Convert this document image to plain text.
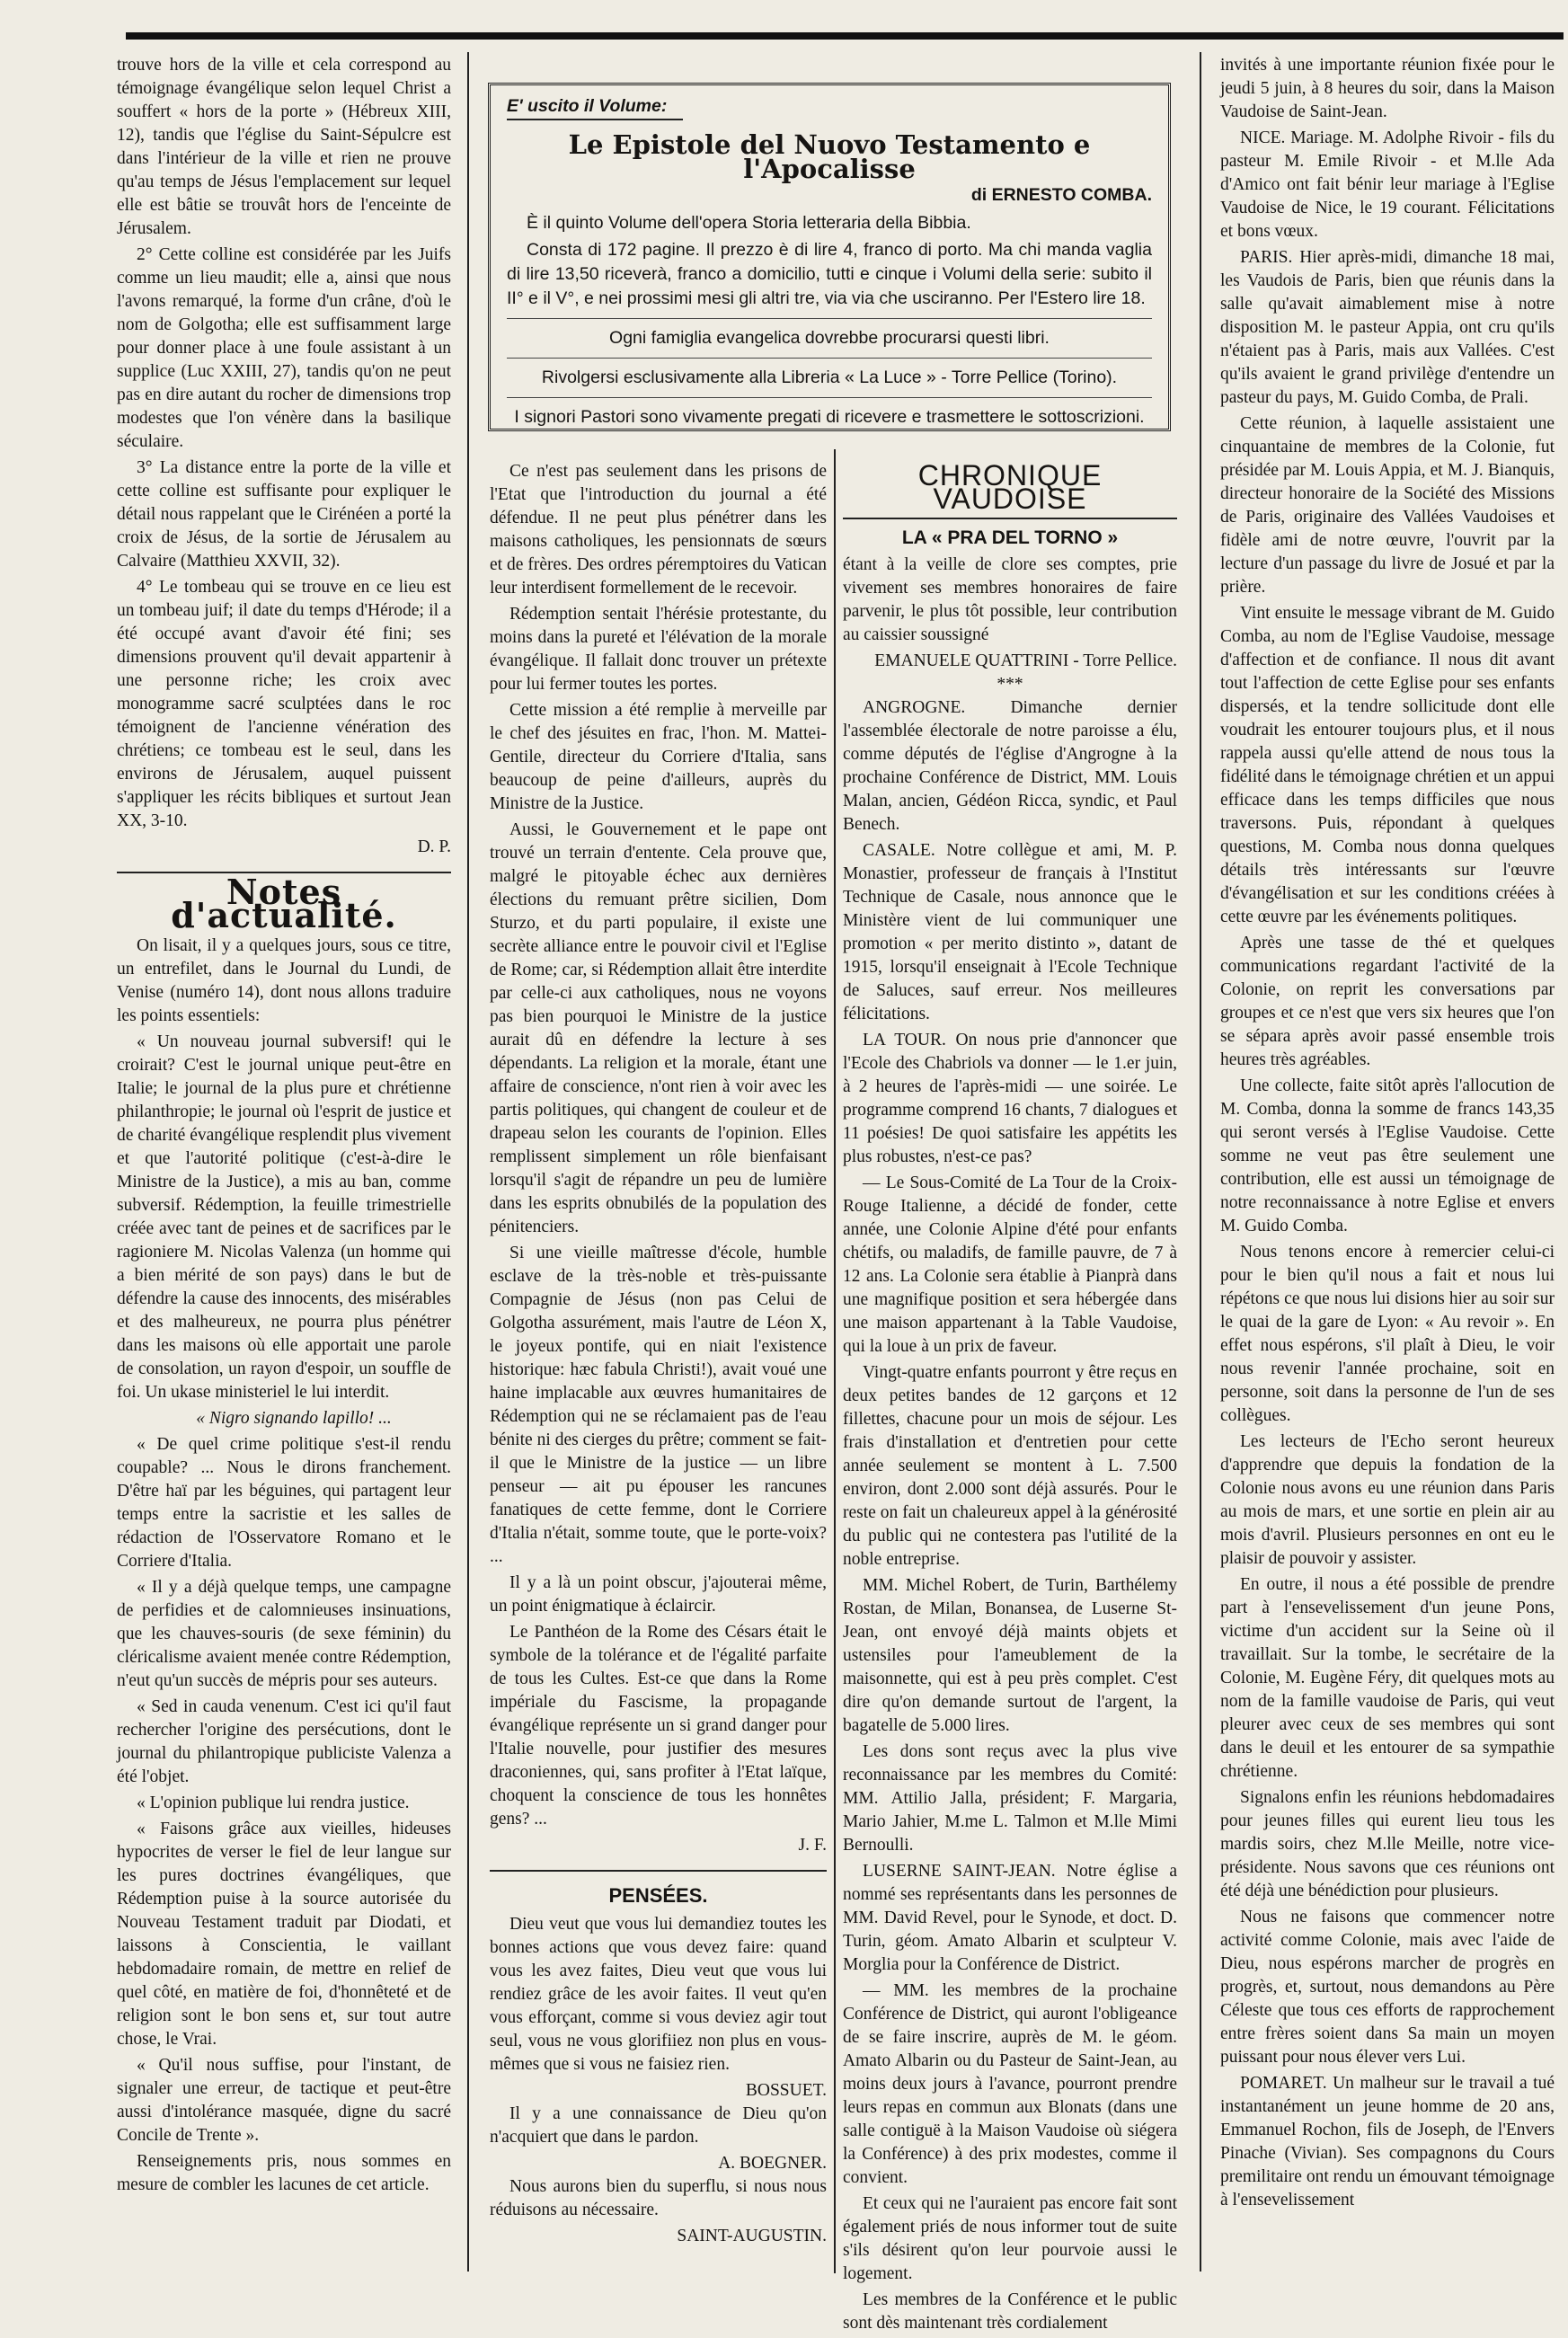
trouve hors de la ville et cela correspond au témoignage évangélique selon lequel Christ a souffert « hors de la porte » (Hébreux XIII, 12), tandis que l'église du Saint-Sépulcre est dans l'intérieur de la ville et rien ne prouve qu'au temps de Jésus l'emplacement sur lequel elle est bâtie se trouvât hors de l'enceinte de Jérusalem.

2° Cette colline est considérée par les Juifs comme un lieu maudit; elle a, ainsi que nous l'avons remarqué, la forme d'un crâne, d'où le nom de Golgotha; elle est suffisamment large pour donner place à une foule assistant à un supplice (Luc XXIII, 27), tandis qu'on ne peut pas en dire autant du rocher de dimensions trop modestes que l'on vénère dans la basilique séculaire.

3° La distance entre la porte de la ville et cette colline est suffisante pour expliquer le détail nous rappelant que le Cirénéen a porté la croix de Jésus, de la sortie de Jérusalem au Calvaire (Matthieu XXVII, 32).

4° Le tombeau qui se trouve en ce lieu est un tombeau juif; il date du temps d'Hérode; il a été occupé avant d'avoir été fini; ses dimensions prouvent qu'il devait appartenir à une personne riche; les croix avec monogramme sacré sculptées dans le roc témoignent de l'ancienne vénération des chrétiens; ce tombeau est le seul, dans les environs de Jérusalem, auquel puissent s'appliquer les récits bibliques et surtout Jean XX, 3-10.

D. P.
Notes d'actualité.

On lisait, il y a quelques jours, sous ce titre, un entrefilet, dans le Journal du Lundi, de Venise (numéro 14), dont nous allons traduire les points essentiels:

« Un nouveau journal subversif! qui le croirait? C'est le journal unique peut-être en Italie; le journal de la plus pure et chrétienne philanthropie; le journal où l'esprit de justice et de charité évangélique resplendit plus vivement et que l'autorité politique (c'est-à-dire le Ministre de la Justice), a mis au ban, comme subversif. Rédemption, la feuille trimestrielle créée avec tant de peines et de sacrifices par le ragioniere M. Nicolas Valenza (un homme qui a bien mérité de son pays) dans le but de défendre la cause des innocents, des misérables et des malheureux, ne pourra plus pénétrer dans les maisons où elle apportait une parole de consolation, un rayon d'espoir, un souffle de foi. Un ukase ministeriel le lui interdit.

« Nigro signando lapillo! ...

« De quel crime politique s'est-il rendu coupable? ... Nous le dirons franchement. D'être haï par les béguines, qui partagent leur temps entre la sacristie et les salles de rédaction de l'Osservatore Romano et le Corriere d'Italia.

« Il y a déjà quelque temps, une campagne de perfidies et de calomnieuses insinuations, que les chauves-souris (de sexe féminin) du cléricalisme avaient menée contre Rédemption, n'eut qu'un succès de mépris pour ses auteurs.

« Sed in cauda venenum. C'est ici qu'il faut rechercher l'origine des persécutions, dont le journal du philantropique publiciste Valenza a été l'objet.

« L'opinion publique lui rendra justice.

« Faisons grâce aux vieilles, hideuses hypocrites de verser le fiel de leur langue sur les pures doctrines évangéliques, que Rédemption puise à la source autorisée du Nouveau Testament traduit par Diodati, et laissons à Conscientia, le vaillant hebdomadaire romain, de mettre en relief de quel côté, en matière de foi, d'honnêteté et de religion sont le bon sens et, sur tout autre chose, le Vrai.

« Qu'il nous suffise, pour l'instant, de signaler une erreur, de tactique et peut-être aussi d'intolérance masquée, digne du sacré Concile de Trente ».

Renseignements pris, nous sommes en mesure de combler les lacunes de cet article.

E' uscito il Volume:
Le Epistole del Nuovo Testamento e l'Apocalisse
di ERNESTO COMBA.

È il quinto Volume dell'opera Storia letteraria della Bibbia.

Consta di 172 pagine. Il prezzo è di lire 4, franco di porto. Ma chi manda vaglia di lire 13,50 riceverà, franco a domicilio, tutti e cinque i Volumi della serie: subito il II° e il V°, e nei prossimi mesi gli altri tre, via via che usciranno. Per l'Estero lire 18.

Ogni famiglia evangelica dovrebbe procurarsi questi libri.
Rivolgersi esclusivamente alla Libreria « La Luce » - Torre Pellice (Torino).
I signori Pastori sono vivamente pregati di ricevere e trasmettere le sottoscrizioni.

Ce n'est pas seulement dans les prisons de l'Etat que l'introduction du journal a été défendue. Il ne peut plus pénétrer dans les maisons catholiques, les pensionnats de sœurs et de frères. Des ordres péremptoires du Vatican leur interdisent formellement de le recevoir.

Rédemption sentait l'hérésie protestante, du moins dans la pureté et l'élévation de la morale évangélique. Il fallait donc trouver un prétexte pour lui fermer toutes les portes.

Cette mission a été remplie à merveille par le chef des jésuites en frac, l'hon. M. Mattei-Gentile, directeur du Corriere d'Italia, sans beaucoup de peine d'ailleurs, auprès du Ministre de la Justice.

Aussi, le Gouvernement et le pape ont trouvé un terrain d'entente. Cela prouve que, malgré le pitoyable échec aux dernières élections du remuant prêtre sicilien, Dom Sturzo, et du parti populaire, il existe une secrète alliance entre le pouvoir civil et l'Eglise de Rome; car, si Rédemption allait être interdite par celle-ci aux catholiques, nous ne voyons pas bien pourquoi le Ministre de la justice aurait dû en défendre la lecture à ses dépendants. La religion et la morale, étant une affaire de conscience, n'ont rien à voir avec les partis politiques, qui changent de couleur et de drapeau selon les courants de l'opinion. Elles remplissent simplement un rôle bienfaisant lorsqu'il s'agit de répandre un peu de lumière dans les esprits obnubilés de la population des pénitenciers.

Si une vieille maîtresse d'école, humble esclave de la très-noble et très-puissante Compagnie de Jésus (non pas Celui de Golgotha assurément, mais l'autre de Léon X, le joyeux pontife, qui en niait l'existence historique: hæc fabula Christi!), avait voué une haine implacable aux œuvres humanitaires de Rédemption qui ne se réclamaient pas de l'eau bénite ni des cierges du prêtre; comment se fait-il que le Ministre de la justice — un libre penseur — ait pu épouser les rancunes fanatiques de cette femme, dont le Corriere d'Italia n'était, somme toute, que le porte-voix? ...

Il y a là un point obscur, j'ajouterai même, un point énigmatique à éclaircir.

Le Panthéon de la Rome des Césars était le symbole de la tolérance et de l'égalité parfaite de tous les Cultes. Est-ce que dans la Rome impériale du Fascisme, la propagande évangélique représente un si grand danger pour l'Italie nouvelle, pour justifier des mesures draconiennes, qui, sans profiter à l'Etat laïque, choquent la conscience de tous les honnêtes gens? ...

J. F.
PENSÉES.

Dieu veut que vous lui demandiez toutes les bonnes actions que vous devez faire: quand vous les avez faites, Dieu veut que vous lui rendiez grâce de les avoir faites. Il veut qu'en vous efforçant, comme si vous deviez agir tout seul, vous ne vous glorifiiez non plus en vous-mêmes que si vous ne faisiez rien.

BOSSUET.

Il y a une connaissance de Dieu qu'on n'acquiert que dans le pardon.

A. BOEGNER.

Nous aurons bien du superflu, si nous nous réduisons au nécessaire.

SAINT-AUGUSTIN.
CHRONIQUE VAUDOISE
LA « PRA DEL TORNO »

étant à la veille de clore ses comptes, prie vivement ses membres honoraires de faire parvenir, le plus tôt possible, leur contribution au caissier soussigné

EMANUELE QUATTRINI - Torre Pellice.
***

ANGROGNE. Dimanche dernier l'assemblée électorale de notre paroisse a élu, comme députés de l'église d'Angrogne à la prochaine Conférence de District, MM. Louis Malan, ancien, Gédéon Ricca, syndic, et Paul Benech.

CASALE. Notre collègue et ami, M. P. Monastier, professeur de français à l'Institut Technique de Casale, nous annonce que le Ministère vient de lui communiquer une promotion « per merito distinto », datant de 1915, lorsqu'il enseignait à l'Ecole Technique de Saluces, sauf erreur. Nos meilleures félicitations.

LA TOUR. On nous prie d'annoncer que l'Ecole des Chabriols va donner — le 1.er juin, à 2 heures de l'après-midi — une soirée. Le programme comprend 16 chants, 7 dialogues et 11 poésies! De quoi satisfaire les appétits les plus robustes, n'est-ce pas?

— Le Sous-Comité de La Tour de la Croix-Rouge Italienne, a décidé de fonder, cette année, une Colonie Alpine d'été pour enfants chétifs, ou maladifs, de famille pauvre, de 7 à 12 ans. La Colonie sera établie à Pianprà dans une magnifique position et sera hébergée dans une maison appartenant à la Table Vaudoise, qui la loue à un prix de faveur.

Vingt-quatre enfants pourront y être reçus en deux petites bandes de 12 garçons et 12 fillettes, chacune pour un mois de séjour. Les frais d'installation et d'entretien pour cette année seulement se montent à L. 7.500 environ, dont 2.000 sont déjà assurés. Pour le reste on fait un chaleureux appel à la générosité du public qui ne contestera pas l'utilité de la noble entreprise.

MM. Michel Robert, de Turin, Barthélemy Rostan, de Milan, Bonansea, de Luserne St-Jean, ont envoyé déjà maints objets et ustensiles pour l'ameublement de la maisonnette, qui est à peu près complet. C'est dire qu'on demande surtout de l'argent, la bagatelle de 5.000 lires.

Les dons sont reçus avec la plus vive reconnaissance par les membres du Comité: MM. Attilio Jalla, président; F. Margaria, Mario Jahier, M.me L. Talmon et M.lle Mimi Bernoulli.

LUSERNE SAINT-JEAN. Notre église a nommé ses représentants dans les personnes de MM. David Revel, pour le Synode, et doct. D. Turin, géom. Amato Albarin et sculpteur V. Morglia pour la Conférence de District.

— MM. les membres de la prochaine Conférence de District, qui auront l'obligeance de se faire inscrire, auprès de M. le géom. Amato Albarin ou du Pasteur de Saint-Jean, au moins deux jours à l'avance, pourront prendre leurs repas en commun aux Blonats (dans une salle contiguë à la Maison Vaudoise où siégera la Conférence) à des prix modestes, comme il convient.

Et ceux qui ne l'auraient pas encore fait sont également priés de nous informer tout de suite s'ils désirent qu'on leur pourvoie aussi le logement.

Les membres de la Conférence et le public sont dès maintenant très cordialement

invités à une importante réunion fixée pour le jeudi 5 juin, à 8 heures du soir, dans la Maison Vaudoise de Saint-Jean.

NICE. Mariage. M. Adolphe Rivoir - fils du pasteur M. Emile Rivoir - et M.lle Ada d'Amico ont fait bénir leur mariage à l'Eglise Vaudoise de Nice, le 19 courant. Félicitations et bons vœux.

PARIS. Hier après-midi, dimanche 18 mai, les Vaudois de Paris, bien que réunis dans la salle qu'avait aimablement mise à notre disposition M. le pasteur Appia, ont cru qu'ils n'étaient pas à Paris, mais aux Vallées. C'est qu'ils avaient le grand privilège d'entendre un pasteur du pays, M. Guido Comba, de Prali.

Cette réunion, à laquelle assistaient une cinquantaine de membres de la Colonie, fut présidée par M. Louis Appia, et M. J. Bianquis, directeur honoraire de la Société des Missions de Paris, originaire des Vallées Vaudoises et fidèle ami de notre œuvre, l'ouvrit par la lecture d'un passage du livre de Josué et par la prière.

Vint ensuite le message vibrant de M. Guido Comba, au nom de l'Eglise Vaudoise, message d'affection et de confiance. Il nous dit avant tout l'affection de cette Eglise pour ses enfants dispersés, et la tendre sollicitude dont elle voudrait les entourer toujours plus, et il nous rappela aussi qu'elle attend de nous tous la fidélité dans le témoignage chrétien et un appui efficace dans les temps difficiles que nous traversons. Puis, répondant à quelques questions, M. Comba nous donna quelques détails très intéressants sur l'œuvre d'évangélisation et sur les conditions créées à cette œuvre par les événements politiques.

Après une tasse de thé et quelques communications regardant l'activité de la Colonie, on reprit les conversations par groupes et ce n'est que vers six heures que l'on se sépara après avoir passé ensemble trois heures très agréables.

Une collecte, faite sitôt après l'allocution de M. Comba, donna la somme de francs 143,35 qui seront versés à l'Eglise Vaudoise. Cette somme ne veut pas être seulement une contribution, elle est aussi un témoignage de notre reconnaissance à notre Eglise et envers M. Guido Comba.

Nous tenons encore à remercier celui-ci pour le bien qu'il nous a fait et nous lui répétons ce que nous lui disions hier au soir sur le quai de la gare de Lyon: « Au revoir ». En effet nous espérons, s'il plaît à Dieu, le voir nous revenir l'année prochaine, soit en personne, soit dans la personne de l'un de ses collègues.

Les lecteurs de l'Echo seront heureux d'apprendre que depuis la fondation de la Colonie nous avons eu une réunion dans Paris au mois de mars, et une sortie en plein air au mois d'avril. Plusieurs personnes en ont eu le plaisir de pouvoir y assister.

En outre, il nous a été possible de prendre part à l'ensevelissement d'un jeune Pons, victime d'un accident sur la Seine où il travaillait. Sur la tombe, le secrétaire de la Colonie, M. Eugène Féry, dit quelques mots au nom de la famille vaudoise de Paris, qui veut pleurer avec ceux de ses membres qui sont dans le deuil et les entourer de sa sympathie chrétienne.

Signalons enfin les réunions hebdomadaires pour jeunes filles qui eurent lieu tous les mardis soirs, chez M.lle Meille, notre vice-présidente. Nous savons que ces réunions ont été déjà une bénédiction pour plusieurs.

Nous ne faisons que commencer notre activité comme Colonie, mais avec l'aide de Dieu, nous espérons marcher de progrès en progrès, et, surtout, nous demandons au Père Céleste que tous ces efforts de rapprochement entre frères soient dans Sa main un moyen puissant pour nous élever vers Lui.

POMARET. Un malheur sur le travail a tué instantanément un jeune homme de 20 ans, Emmanuel Rochon, fils de Joseph, de l'Envers Pinache (Vivian). Ses compagnons du Cours premilitaire ont rendu un émouvant témoignage à l'ensevelissement
